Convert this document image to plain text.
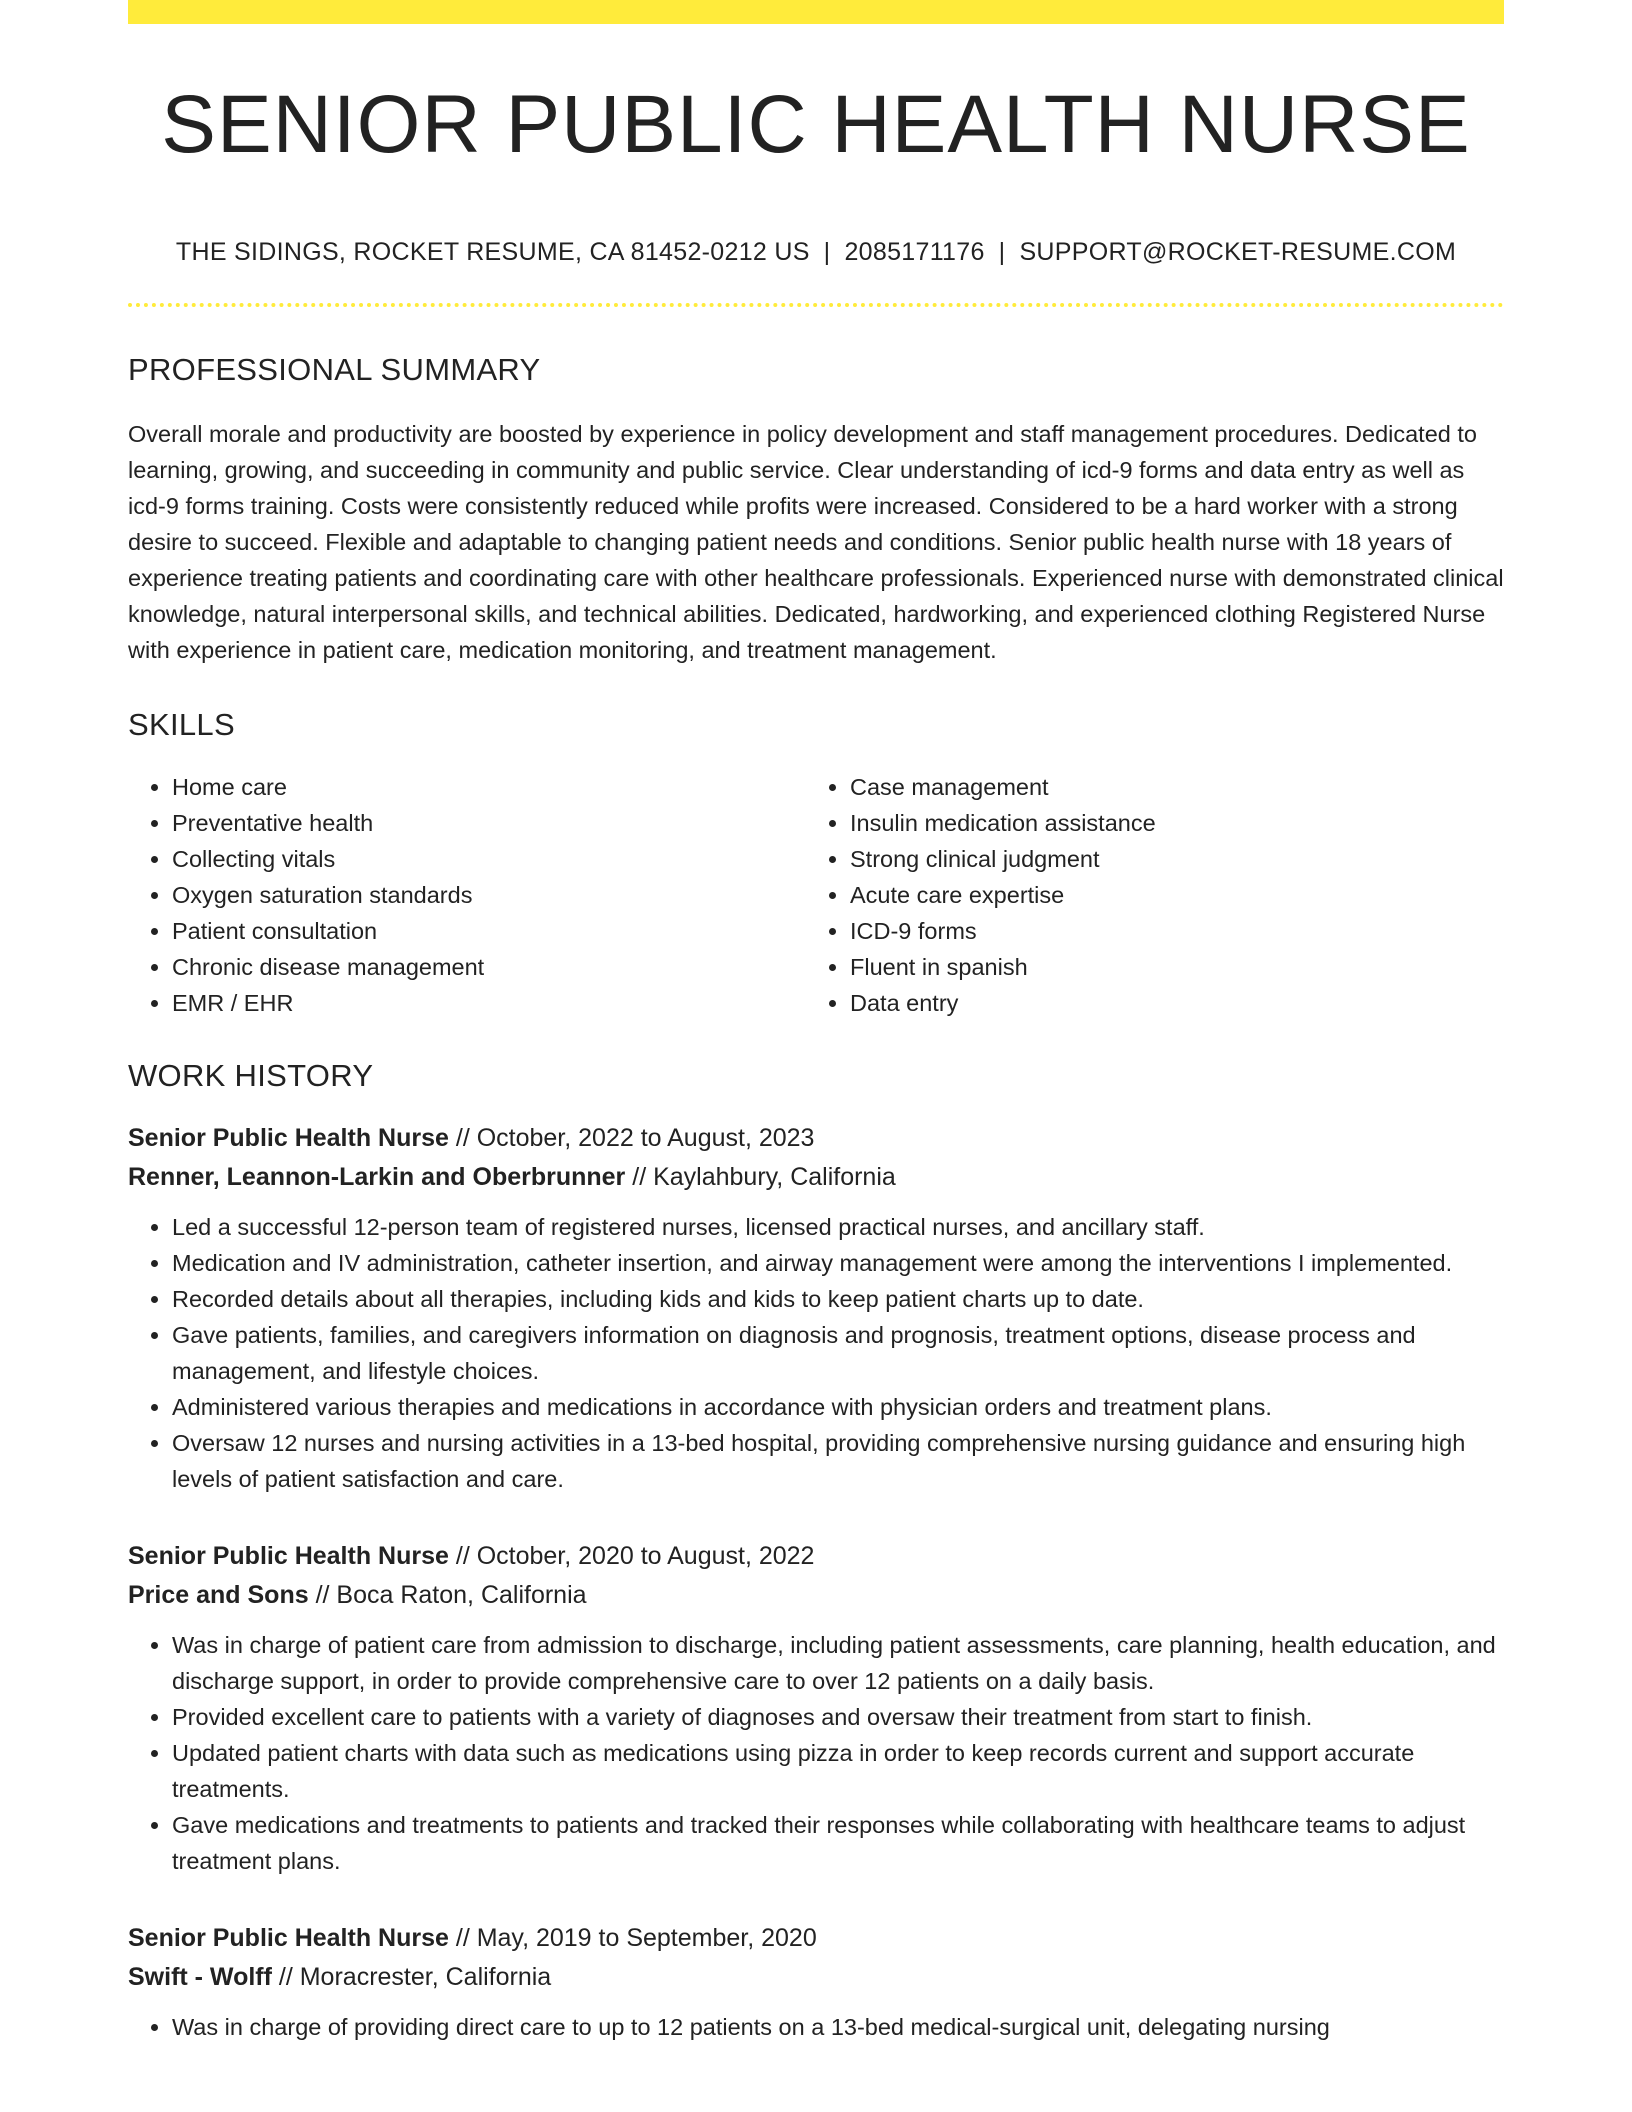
SENIOR PUBLIC HEALTH NURSE
THE SIDINGS, ROCKET RESUME, CA 81452-0212 US | 2085171176 | SUPPORT@ROCKET-RESUME.COM
PROFESSIONAL SUMMARY
Overall morale and productivity are boosted by experience in policy development and staff management procedures. Dedicated to learning, growing, and succeeding in community and public service. Clear understanding of icd-9 forms and data entry as well as icd-9 forms training. Costs were consistently reduced while profits were increased. Considered to be a hard worker with a strong desire to succeed. Flexible and adaptable to changing patient needs and conditions. Senior public health nurse with 18 years of experience treating patients and coordinating care with other healthcare professionals. Experienced nurse with demonstrated clinical knowledge, natural interpersonal skills, and technical abilities. Dedicated, hardworking, and experienced clothing Registered Nurse with experience in patient care, medication monitoring, and treatment management.
SKILLS
• Home care
• Preventative health
• Collecting vitals
• Oxygen saturation standards
• Patient consultation
• Chronic disease management
• EMR / EHR
• Case management
• Insulin medication assistance
• Strong clinical judgment
• Acute care expertise
• ICD-9 forms
• Fluent in spanish
• Data entry
WORK HISTORY
Senior Public Health Nurse // October, 2022 to August, 2023
Renner, Leannon-Larkin and Oberbrunner // Kaylahbury, California
• Led a successful 12-person team of registered nurses, licensed practical nurses, and ancillary staff.
• Medication and IV administration, catheter insertion, and airway management were among the interventions I implemented.
• Recorded details about all therapies, including kids and kids to keep patient charts up to date.
• Gave patients, families, and caregivers information on diagnosis and prognosis, treatment options, disease process and management, and lifestyle choices.
• Administered various therapies and medications in accordance with physician orders and treatment plans.
• Oversaw 12 nurses and nursing activities in a 13-bed hospital, providing comprehensive nursing guidance and ensuring high levels of patient satisfaction and care.
Senior Public Health Nurse // October, 2020 to August, 2022
Price and Sons // Boca Raton, California
• Was in charge of patient care from admission to discharge, including patient assessments, care planning, health education, and discharge support, in order to provide comprehensive care to over 12 patients on a daily basis.
• Provided excellent care to patients with a variety of diagnoses and oversaw their treatment from start to finish.
• Updated patient charts with data such as medications using pizza in order to keep records current and support accurate treatments.
• Gave medications and treatments to patients and tracked their responses while collaborating with healthcare teams to adjust treatment plans.
Senior Public Health Nurse // May, 2019 to September, 2020
Swift - Wolff // Moracrester, California
• Was in charge of providing direct care to up to 12 patients on a 13-bed medical-surgical unit, delegating nursing
